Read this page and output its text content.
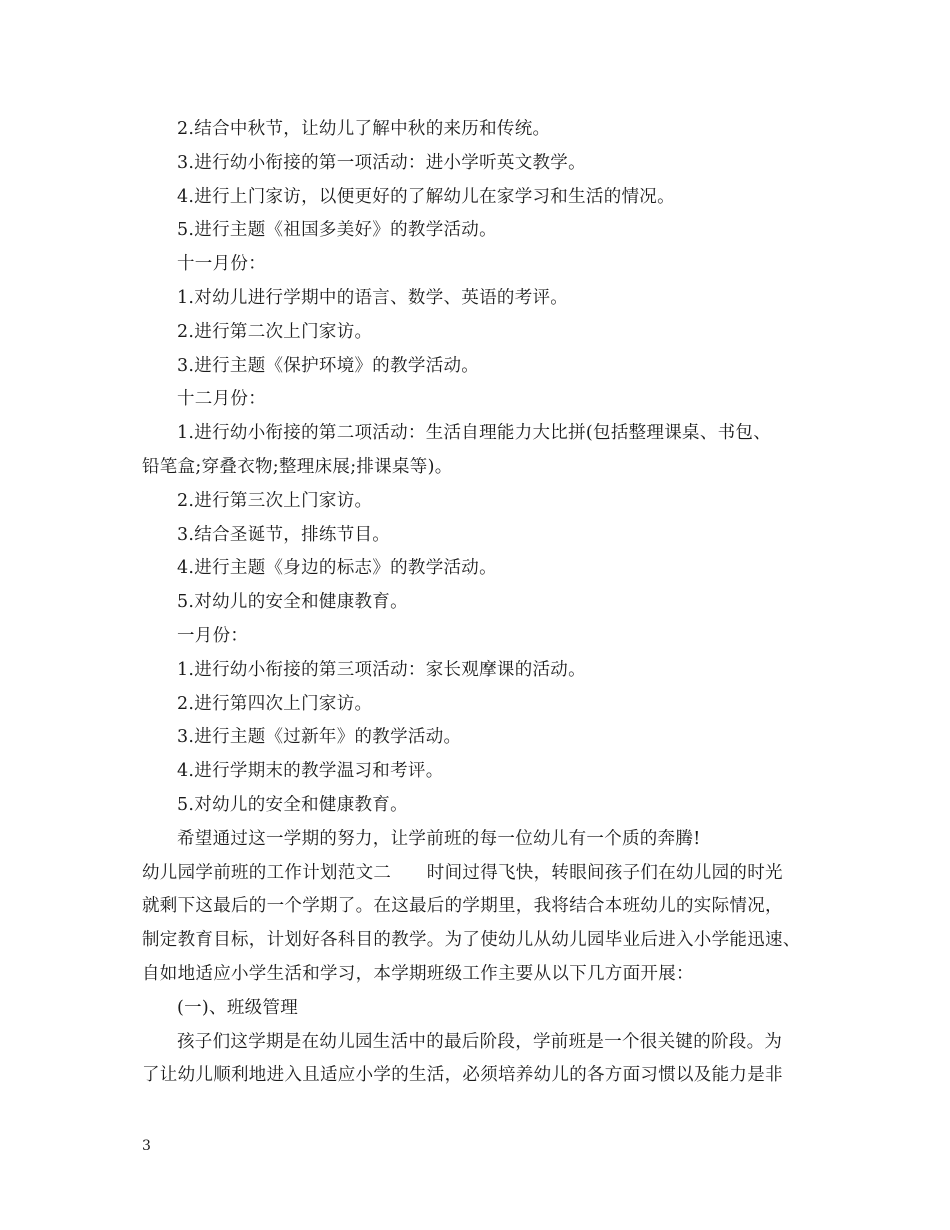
2.结合中秋节，让幼儿了解中秋的来历和传统。
3.进行幼小衔接的第一项活动：进小学听英文教学。
4.进行上门家访，以便更好的了解幼儿在家学习和生活的情况。
5.进行主题《祖国多美好》的教学活动。
十一月份：
1.对幼儿进行学期中的语言、数学、英语的考评。
2.进行第二次上门家访。
3.进行主题《保护环境》的教学活动。
十二月份：
1.进行幼小衔接的第二项活动：生活自理能力大比拼(包括整理课桌、书包、
铅笔盒;穿叠衣物;整理床展;排课桌等)。
2.进行第三次上门家访。
3.结合圣诞节，排练节目。
4.进行主题《身边的标志》的教学活动。
5.对幼儿的安全和健康教育。
一月份：
1.进行幼小衔接的第三项活动：家长观摩课的活动。
2.进行第四次上门家访。
3.进行主题《过新年》的教学活动。
4.进行学期末的教学温习和考评。
5.对幼儿的安全和健康教育。
希望通过这一学期的努力，让学前班的每一位幼儿有一个质的奔腾!
幼儿园学前班的工作计划范文二　　时间过得飞快，转眼间孩子们在幼儿园的时光
就剩下这最后的一个学期了。在这最后的学期里，我将结合本班幼儿的实际情况，
制定教育目标，计划好各科目的教学。为了使幼儿从幼儿园毕业后进入小学能迅速、
自如地适应小学生活和学习，本学期班级工作主要从以下几方面开展：
(一)、班级管理
孩子们这学期是在幼儿园生活中的最后阶段，学前班是一个很关键的阶段。为
了让幼儿顺利地进入且适应小学的生活，必须培养幼儿的各方面习惯以及能力是非
3
